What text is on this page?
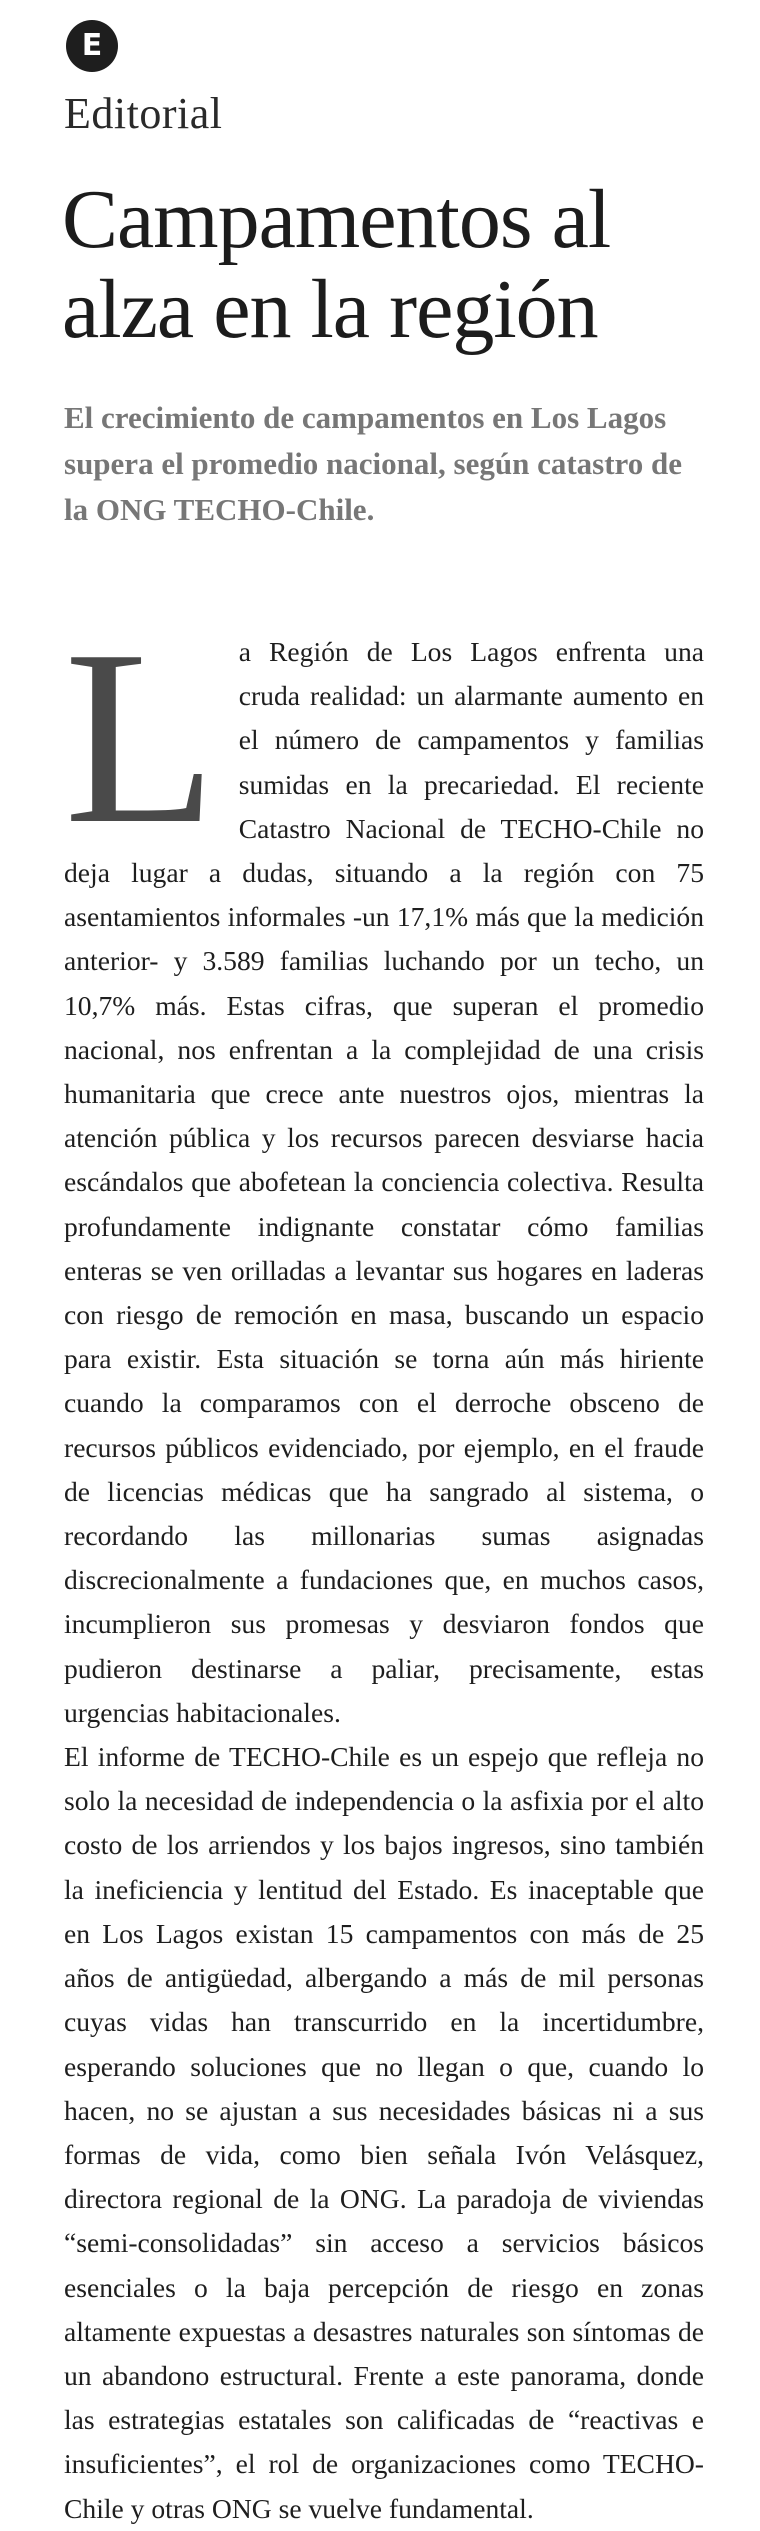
E
Editorial
Campamentos al alza en la región

El crecimiento de campamentos en Los Lagos supera el promedio nacional, según catastro de la ONG TECHO-Chile.

L a Región de Los Lagos enfrenta una cruda realidad: un alarmante aumento en el número de campamentos y familias sumidas en la precariedad. El reciente Catastro Nacional de TECHO-Chile no deja lugar a dudas, situando a la región con 75 asentamientos informales -un 17,1% más que la medición anterior- y 3.589 familias luchando por un techo, un 10,7% más. Estas cifras, que superan el promedio nacional, nos enfrentan a la complejidad de una crisis humanitaria que crece ante nuestros ojos, mientras la atención pública y los recursos parecen desviarse hacia escándalos que abofetean la conciencia colectiva. Resulta profundamente indignante constatar cómo familias enteras se ven orilladas a levantar sus hogares en laderas con riesgo de remoción en masa, buscando un espacio para existir. Esta situación se torna aún más hiriente cuando la comparamos con el derroche obsceno de recursos públicos evidenciado, por ejemplo, en el fraude de licencias médicas que ha sangrado al sistema, o recordando las millonarias sumas asignadas discrecionalmente a fundaciones que, en muchos casos, incumplieron sus promesas y desviaron fondos que pudieron destinarse a paliar, precisamente, estas urgencias habitacionales.
El informe de TECHO-Chile es un espejo que refleja no solo la necesidad de independencia o la asfixia por el alto costo de los arriendos y los bajos ingresos, sino también la ineficiencia y lentitud del Estado. Es inaceptable que en Los Lagos existan 15 campamentos con más de 25 años de antigüedad, albergando a más de mil personas cuyas vidas han transcurrido en la incertidumbre, esperando soluciones que no llegan o que, cuando lo hacen, no se ajustan a sus necesidades básicas ni a sus formas de vida, como bien señala Ivón Velásquez, directora regional de la ONG. La paradoja de viviendas “semi-consolidadas” sin acceso a servicios básicos esenciales o la baja percepción de riesgo en zonas altamente expuestas a desastres naturales son síntomas de un abandono estructural. Frente a este panorama, donde las estrategias estatales son calificadas de “reactivas e insuficientes”, el rol de organizaciones como TECHO-Chile y otras ONG se vuelve fundamental.
